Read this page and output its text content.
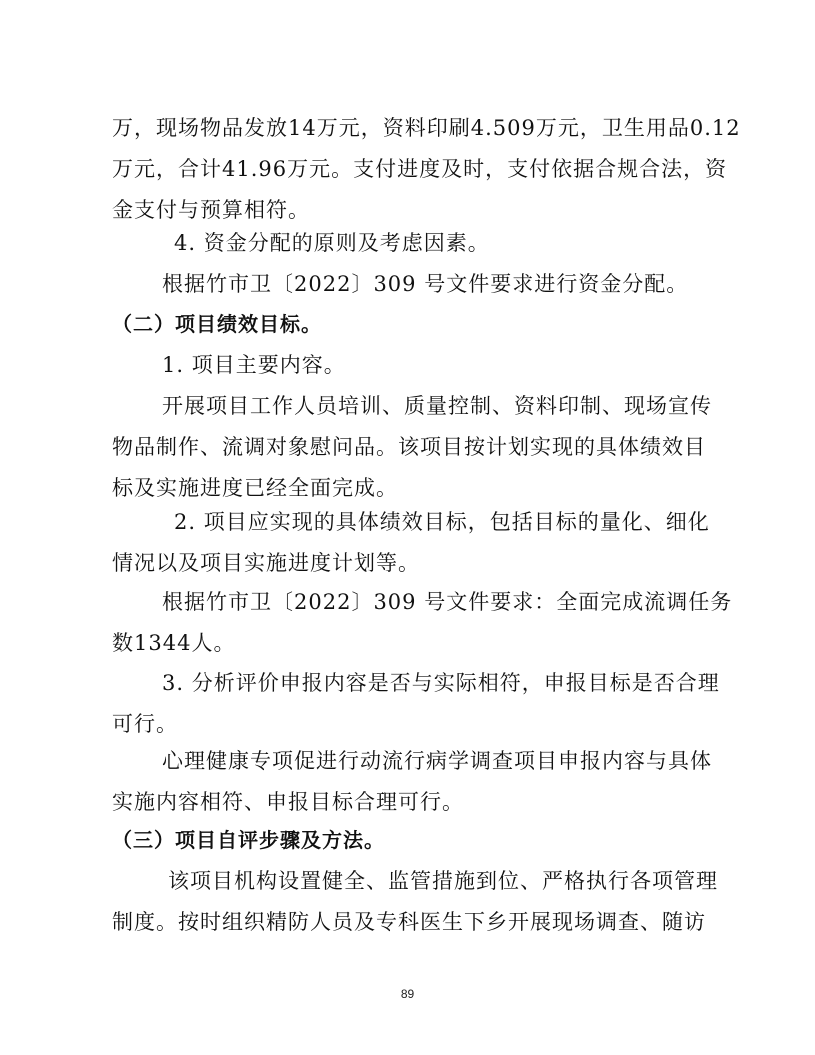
万，现场物品发放14万元，资料印刷4.509万元，卫生用品0.12
万元，合计41.96万元。支付进度及时，支付依据合规合法，资
金支付与预算相符。
4. 资金分配的原则及考虑因素。
根据竹市卫〔2022〕309 号文件要求进行资金分配。
（二）项目绩效目标。
1. 项目主要内容。
开展项目工作人员培训、质量控制、资料印制、现场宣传
物品制作、流调对象慰问品。该项目按计划实现的具体绩效目
标及实施进度已经全面完成。
2. 项目应实现的具体绩效目标，包括目标的量化、细化
情况以及项目实施进度计划等。
根据竹市卫〔2022〕309 号文件要求：全面完成流调任务
数1344人。
3. 分析评价申报内容是否与实际相符，申报目标是否合理
可行。
心理健康专项促进行动流行病学调查项目申报内容与具体
实施内容相符、申报目标合理可行。
（三）项目自评步骤及方法。
该项目机构设置健全、监管措施到位、严格执行各项管理
制度。按时组织精防人员及专科医生下乡开展现场调查、随访
89
